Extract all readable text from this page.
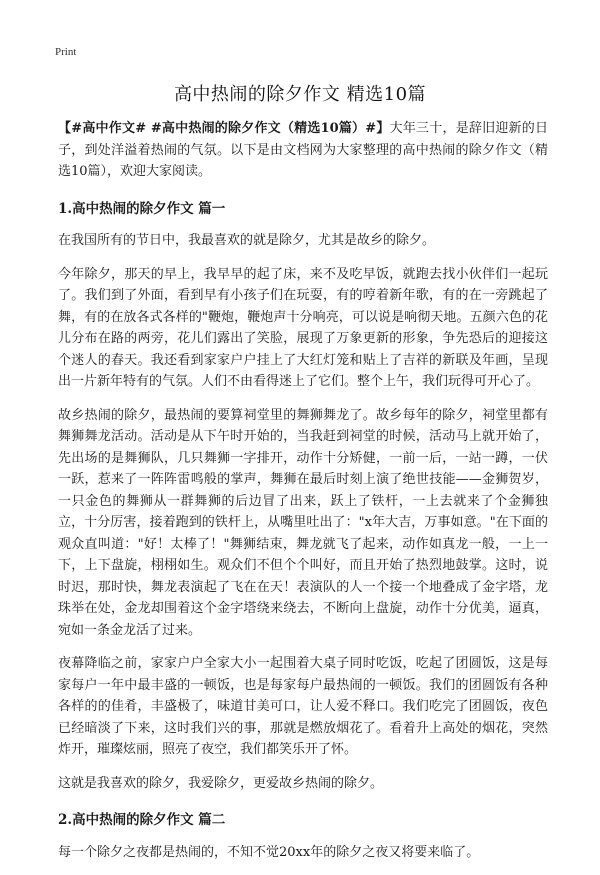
Print
高中热闹的除夕作文 精选10篇

【#高中作文# #高中热闹的除夕作文（精选10篇）#】大年三十，是辞旧迎新的日子，到处洋溢着热闹的气氛。以下是由文档网为大家整理的高中热闹的除夕作文（精选10篇），欢迎大家阅读。

1.高中热闹的除夕作文 篇一

在我国所有的节日中，我最喜欢的就是除夕，尤其是故乡的除夕。

今年除夕，那天的早上，我早早的起了床，来不及吃早饭，就跑去找小伙伴们一起玩了。我们到了外面，看到早有小孩子们在玩耍，有的哼着新年歌，有的在一旁跳起了舞，有的在放各式各样的"鞭炮，鞭炮声十分响亮，可以说是响彻天地。五颜六色的花儿分布在路的两旁，花儿们露出了笑脸，展现了万象更新的形象，争先恐后的迎接这个迷人的春天。我还看到家家户户挂上了大红灯笼和贴上了吉祥的新联及年画，呈现出一片新年特有的气氛。人们不由看得迷上了它们。整个上午，我们玩得可开心了。

故乡热闹的除夕，最热闹的要算祠堂里的舞狮舞龙了。故乡每年的除夕，祠堂里都有舞狮舞龙活动。活动是从下午时开始的，当我赶到祠堂的时候，活动马上就开始了，先出场的是舞狮队，几只舞狮一字排开，动作十分矫健，一前一后，一站一蹲，一伏一跃，惹来了一阵阵雷鸣般的掌声，舞狮在最后时刻上演了绝世技能——金狮贺岁，一只金色的舞狮从一群舞狮的后边冒了出来，跃上了铁杆，一上去就来了个金狮独立，十分厉害，接着跑到的铁杆上，从嘴里吐出了："x年大吉，万事如意。"在下面的观众直叫道："好！太棒了！"舞狮结束，舞龙就飞了起来，动作如真龙一般，一上一下，上下盘旋，栩栩如生。观众们不但个个叫好，而且开始了热烈地鼓掌。这时，说时迟，那时快，舞龙表演起了飞在在天！表演队的人一个接一个地叠成了金字塔，龙珠举在处，金龙却围着这个金字塔绕来绕去，不断向上盘旋，动作十分优美，逼真，宛如一条金龙活了过来。

夜幕降临之前，家家户户全家大小一起围着大桌子同时吃饭，吃起了团圆饭，这是每家每户一年中最丰盛的一顿饭，也是每家每户最热闹的一顿饭。我们的团圆饭有各种各样的的佳肴，丰盛极了，味道甘美可口，让人爱不释口。我们吃完了团圆饭，夜色已经暗淡了下来，这时我们兴的事，那就是燃放烟花了。看着升上高处的烟花，突然炸开，璀璨炫丽，照亮了夜空，我们都笑乐开了怀。

这就是我喜欢的除夕，我爱除夕，更爱故乡热闹的除夕。

2.高中热闹的除夕作文 篇二

每一个除夕之夜都是热闹的，不知不觉20xx年的除夕之夜又将要来临了。
